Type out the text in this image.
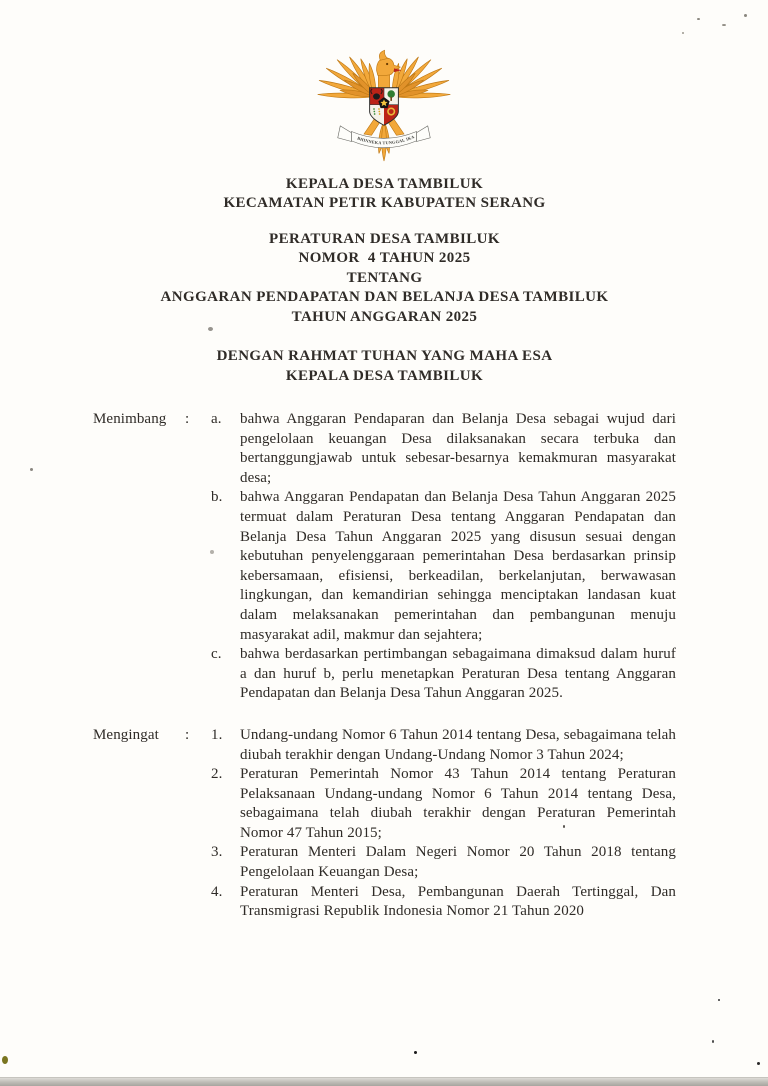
BHINNEKA TUNGGAL IKA
KEPALA DESA TAMBILUK
KECAMATAN PETIR KABUPATEN SERANG
PERATURAN DESA TAMBILUK
NOMOR  4 TAHUN 2025
TENTANG
ANGGARAN PENDAPATAN DAN BELANJA DESA TAMBILUK
TAHUN ANGGARAN 2025
DENGAN RAHMAT TUHAN YANG MAHA ESA
KEPALA DESA TAMBILUK
Menimbang	:	a.	bahwa Anggaran Pendaparan dan Belanja Desa sebagai wujud dari pengelolaan keuangan Desa dilaksanakan secara terbuka dan bertanggungjawab untuk sebesar-besarnya kemakmuran masyarakat desa;

b.	bahwa Anggaran Pendapatan dan Belanja Desa Tahun Anggaran 2025 termuat dalam Peraturan Desa tentang Anggaran Pendapatan dan Belanja Desa Tahun Anggaran 2025 yang disusun sesuai dengan kebutuhan penyelenggaraan pemerintahan Desa berdasarkan prinsip kebersamaan, efisiensi, berkeadilan, berkelanjutan, berwawasan lingkungan, dan kemandirian sehingga menciptakan landasan kuat dalam melaksanakan pemerintahan dan pembangunan menuju masyarakat adil, makmur dan sejahtera;

c.	bahwa berdasarkan pertimbangan sebagaimana dimaksud dalam huruf a dan huruf b, perlu menetapkan Peraturan Desa tentang Anggaran Pendapatan dan Belanja Desa Tahun Anggaran 2025.

Mengingat	:	1.	Undang-undang Nomor 6 Tahun 2014 tentang Desa, sebagaimana telah diubah terakhir dengan Undang-Undang Nomor 3 Tahun 2024;

2.	Peraturan Pemerintah Nomor 43 Tahun 2014 tentang Peraturan Pelaksanaan Undang-undang Nomor 6 Tahun 2014 tentang Desa, sebagaimana telah diubah terakhir dengan Peraturan Pemerintah Nomor 47 Tahun 2015;

3.	Peraturan Menteri Dalam Negeri Nomor 20 Tahun 2018 tentang Pengelolaan Keuangan Desa;

4.	Peraturan Menteri Desa, Pembangunan Daerah Tertinggal, Dan Transmigrasi Republik Indonesia Nomor 21 Tahun 2020
